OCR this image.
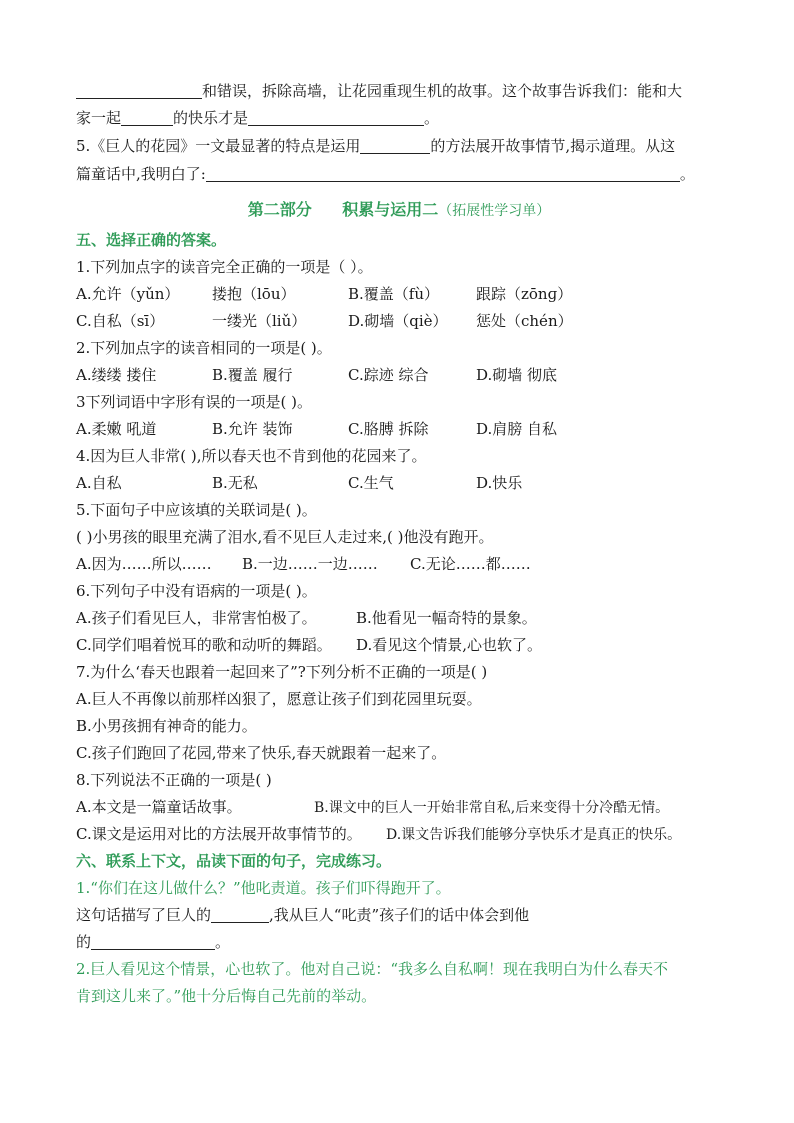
和错误，拆除高墙，让花园重现生机的故事。这个故事告诉我们：能和大
家一起	的快乐才是	。
5.《巨人的花园》一文最显著的特点是运用	的方法展开故事情节,揭示道理。从这
篇童话中,我明白了:	。
第二部分 积累与运用二（拓展性学习单）
五、选择正确的答案。
1.下列加点字的读音完全正确的一项是（ ）。
A.允许（yǔn） 搂抱（lōu）	B.覆盖（fù） 跟踪（zōnɡ）
C.自私（sī）	一缕光（liǔ）	D.砌墙（qiè） 惩处（chén）
2.下列加点字的读音相同的一项是( )。
A.缕缕 搂住	B.覆盖 履行	C.踪迹 综合	D.砌墙 彻底
3下列词语中字形有误的一项是( )。
A.柔嫩 吼道	B.允许 装饰	C.胳膊 拆除	D.肩膀 自私
4.因为巨人非常( ),所以春天也不肯到他的花园来了。
A.自私	B.无私	C.生气	D.快乐
5.下面句子中应该填的关联词是( )。
( )小男孩的眼里充满了泪水,看不见巨人走过来,( )他没有跑开。
A.因为……所以…… B.一边……一边…… C.无论……都……
6.下列句子中没有语病的一项是( )。
A.孩子们看见巨人，非常害怕极了。	B.他看见一幅奇特的景象。
C.同学们唱着悦耳的歌和动听的舞蹈。 D.看见这个情景,心也软了。
7.为什么‘春天也跟着一起回来了”?下列分析不正确的一项是( )
A.巨人不再像以前那样凶狠了，愿意让孩子们到花园里玩耍。
B.小男孩拥有神奇的能力。
C.孩子们跑回了花园,带来了快乐,春天就跟着一起来了。
8.下列说法不正确的一项是( )
A.本文是一篇童话故事。	B.课文中的巨人一开始非常自私,后来变得十分冷酷无情。
C.课文是运用对比的方法展开故事情节的。 D.课文告诉我们能够分享快乐才是真正的快乐。
六、联系上下文，品读下面的句子，完成练习。
1.“你们在这儿做什么？”他叱责道。孩子们吓得跑开了。
这句话描写了巨人的	,我从巨人“叱责”孩子们的话中体会到他
的	。
2.巨人看见这个情景，心也软了。他对自己说：“我多么自私啊！现在我明白为什么春天不
肯到这儿来了。”他十分后悔自己先前的举动。
